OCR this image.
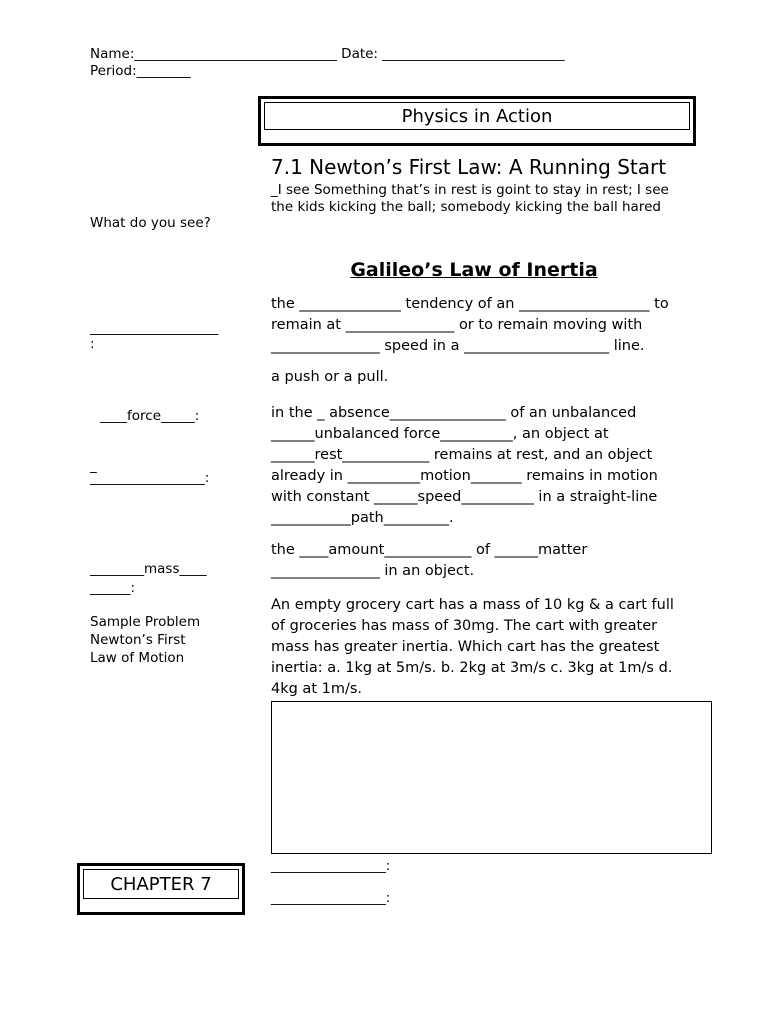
Name:______________________________ Date: ___________________________
Period:________
Physics in Action
7.1 Newton’s First Law: A Running Start
_I see Something that’s in rest is goint to stay in rest; I see the kids kicking the ball; somebody kicking the ball hared
What do you see?
Galileo’s Law of Inertia
___________________
:
the ______________ tendency of an __________________ to remain at _______________ or to remain moving with _______________ speed in a ____________________ line.
a push or a pull.
____force_____:	in the _ absence________________ of an unbalanced ______unbalanced force__________, an object at ______rest____________ remains at rest, and an object already in __________motion_______ remains in motion with constant ______speed__________ in a straight-line ___________path_________.
_
_________________:
the ____amount____________ of ______matter _______________ in an object.
________mass____
______:
Sample Problem
Newton’s First
Law of Motion
An empty grocery cart has a mass of 10 kg & a cart full of groceries has mass of 30mg. The cart with greater mass has greater inertia. Which cart has the greatest inertia: a. 1kg at 5m/s. b. 2kg at 3m/s c. 3kg at 1m/s d. 4kg at 1m/s.
_________________:
_________________:
CHAPTER 7
